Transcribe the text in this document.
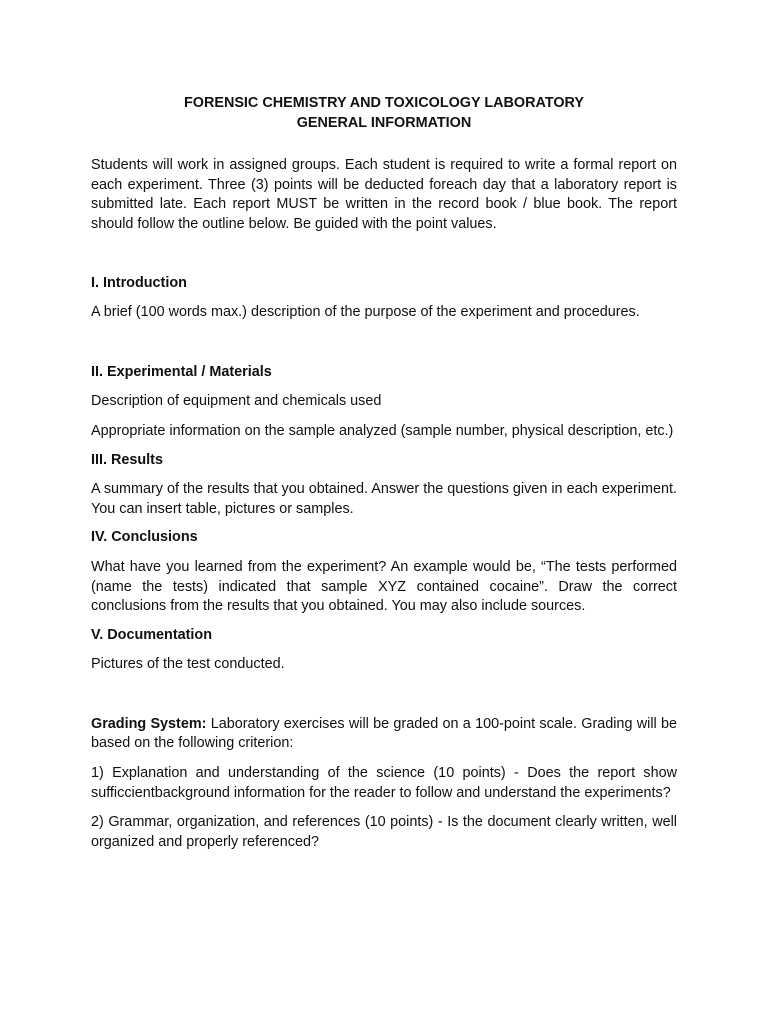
FORENSIC CHEMISTRY AND TOXICOLOGY LABORATORY

GENERAL INFORMATION

Students will work in assigned groups. Each student is required to write a formal report on each experiment. Three (3) points will be deducted foreach day that a laboratory report is submitted late. Each report MUST be written in the record book / blue book. The report should follow the outline below. Be guided with the point values.

I. Introduction

A brief (100 words max.) description of the purpose of the experiment and procedures.

II. Experimental / Materials

Description of equipment and chemicals used

Appropriate information on the sample analyzed (sample number, physical description, etc.)

III. Results

A summary of the results that you obtained. Answer the questions given in each experiment. You can insert table, pictures or samples.

IV. Conclusions

What have you learned from the experiment? An example would be, “The tests performed (name the tests) indicated that sample XYZ contained cocaine”. Draw the correct conclusions from the results that you obtained. You may also include sources.

V. Documentation

Pictures of the test conducted.

Grading System: Laboratory exercises will be graded on a 100-point scale. Grading will be based on the following criterion:

1) Explanation and understanding of the science (10 points) - Does the report show sufficcientbackground information for the reader to follow and understand the experiments?

2) Grammar, organization, and references (10 points) - Is the document clearly written, well organized and properly referenced?
